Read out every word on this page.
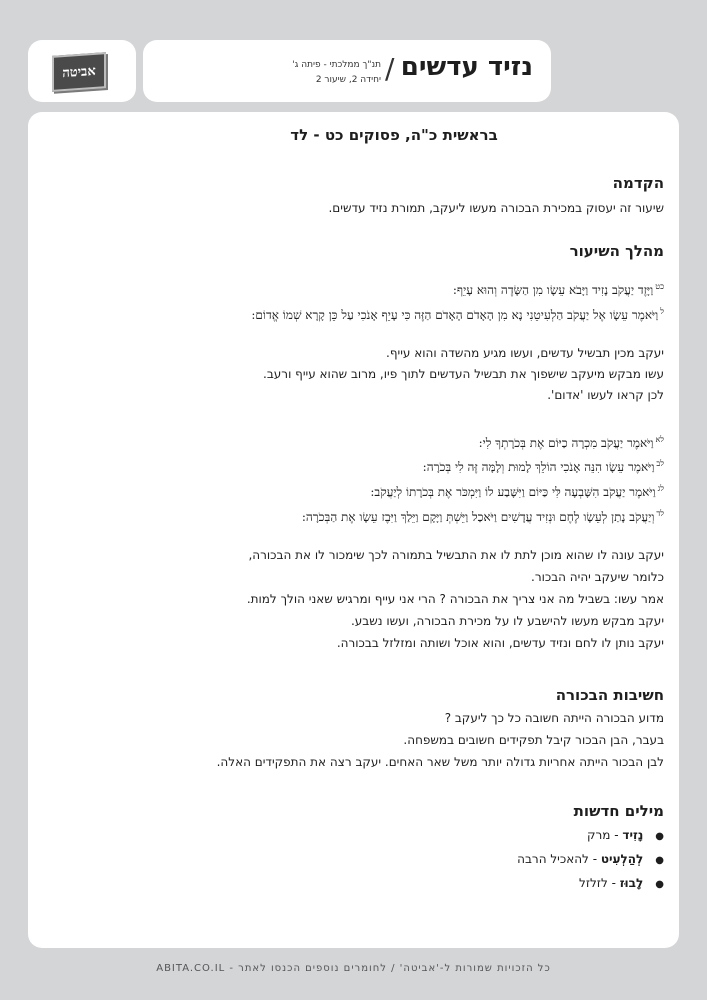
אביטה	נזיד עדשים
/
תנ"ך ממלכתי - פיתה ג'
יחידה 2, שיעור 2
בראשית כ"ה, פסוקים כט - לד
הקדמה
שיעור זה יעסוק במכירת הבכורה מעשו ליעקב, תמורת נזיד עדשים.
מהלך השיעור
$^{כט}$וַיָּזֶד יַעֲקֹב נָזִיד וַיָּבֹא עֵשָׂו מִן הַשָּׂדֶה וְהוּא עָיֵף:
$^ל$וַיֹּאמֶר עֵשָׂו אֶל יַעֲקֹב הַלְעִיטֵנִי נָא מִן הָאָדֹם הָאָדֹם הַזֶּה כִּי עָיֵף אָנֹכִי עַל כֵּן קָרָא שְׁמוֹ אֱדוֹם:
יעקב מכין תבשיל עדשים, ועשו מגיע מהשדה והוא עייף.
עשו מבקש מיעקב שישפוך את תבשיל העדשים לתוך פיו, מרוב שהוא עייף ורעב.
לכן קראו לעשו 'אדום'.
$^{לא}$וַיֹּאמֶר יַעֲקֹב מִכְרָה כַיּוֹם אֶת בְּכֹרָתְךָ לִי:
$^{לב}$וַיֹּאמֶר עֵשָׂו הִנֵּה אָנֹכִי הוֹלֵךְ לָמוּת וְלָמָּה זֶּה לִי בְּכֹרָה:
$^{לג}$וַיֹּאמֶר יַעֲקֹב הִשָּׁבְעָה לִּי כַּיּוֹם וַיִּשָּׁבַע לוֹ וַיִּמְכֹּר אֶת בְּכֹרָתוֹ לְיַעֲקֹב:
$^{לד}$וְיַעֲקֹב נָתַן לְעֵשָׂו לֶחֶם וּנְזִיד עֲדָשִׁים וַיֹּאכַל וַיֵּשְׁתְּ וַיָּקָם וַיֵּלַךְ וַיִּבֶז עֵשָׂו אֶת הַבְּכֹרָה:
יעקב עונה לו שהוא מוכן לתת לו את התבשיל בתמורה לכך שימכור לו את הבכורה,
כלומר שיעקב יהיה הבכור.
אמר עשו: בשביל מה אני צריך את הבכורה ? הרי אני עייף ומרגיש שאני הולך למות.
יעקב מבקש מעשו להישבע לו על מכירת הבכורה, ועשו נשבע.
יעקב נותן לו לחם ונזיד עדשים, והוא אוכל ושותה ומזלזל בבכורה.
חשיבות הבכורה
מדוע הבכורה הייתה חשובה כל כך ליעקב ?
בעבר, הבן הבכור קיבל תפקידים חשובים במשפחה.
לבן הבכור הייתה אחריות גדולה יותר משל שאר האחים. יעקב רצה את התפקידים האלה.
מילים חדשות
●נָזִיד - מרק
●לְהַלְעִיט - להאכיל הרבה
●לָבוּז - לזלזל
כל הזכויות שמורות ל-'אביטה' / לחומרים נוספים הכנסו לאתר - ABITA.CO.IL
